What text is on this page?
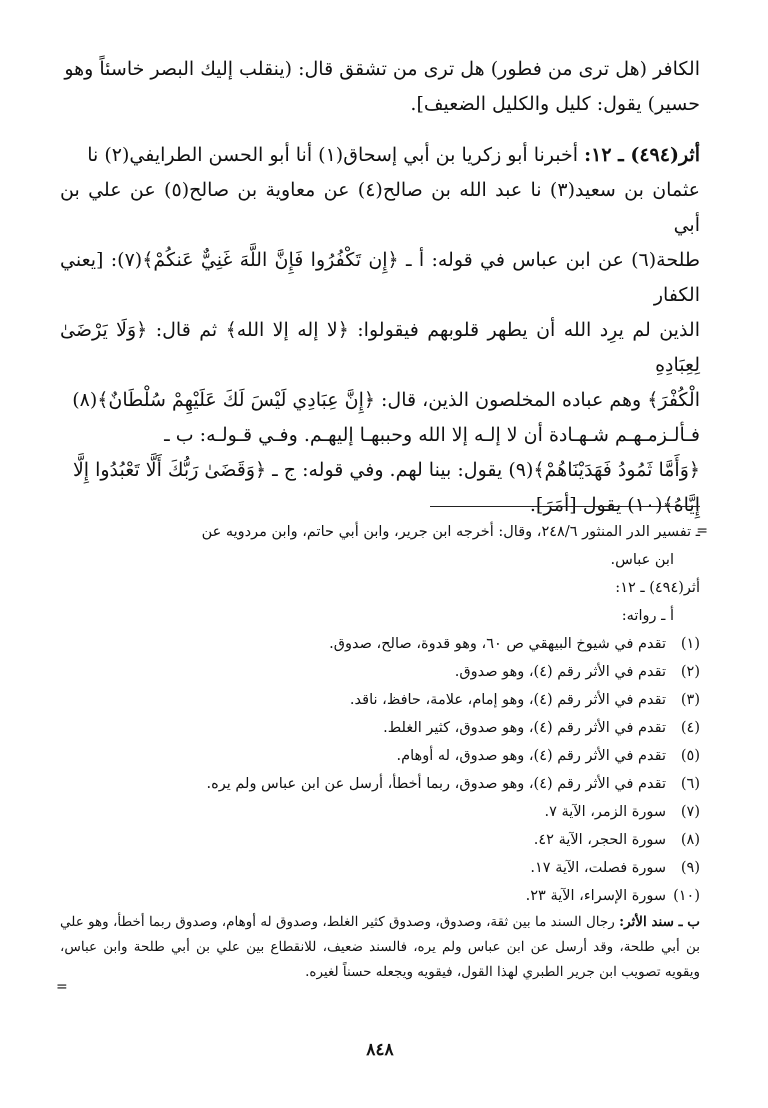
الكافر (هل ترى من فطور) هل ترى من تشقق قال: (ينقلب إليك البصر خاسئاً وهو

حسير) يقول: كليل والكليل الضعيف].

أثر(٤٩٤) ـ ١٢: أخبرنا أبو زكريا بن أبي إسحاق(١) أنا أبو الحسن الطرايفي(٢) نا

عثمان بن سعيد(٣) نا عبد الله بن صالح(٤) عن معاوية بن صالح(٥) عن علي بن أبي

طلحة(٦) عن ابن عباس في قوله: أ ـ ﴿إِن تَكْفُرُوا فَإِنَّ اللَّهَ غَنِيٌّ عَنكُمْ﴾(٧): [يعني الكفار

الذين لم يرِد الله أن يطهر قلوبهم فيقولوا: ﴿لا إله إلا الله﴾ ثم قال: ﴿وَلَا يَرْضَىٰ لِعِبَادِهِ

الْكُفْرَ﴾ وهم عباده المخلصون الذين، قال: ﴿إِنَّ عِبَادِي لَيْسَ لَكَ عَلَيْهِمْ سُلْطَانٌ﴾(٨)

فـألـزمـهـم شـهـادة أن لا إلـه إلا الله وحببهـا إليهـم. وفـي قـولـه: ب ـ

﴿وَأَمَّا ثَمُودُ فَهَدَيْنَاهُمْ﴾(٩) يقول: بينا لهم. وفي قوله: ج ـ ﴿وَقَضَىٰ رَبُّكَ أَلَّا تَعْبُدُوا إِلَّا

إِيَّاهُ﴾(١٠) يقول [أمَرَ].

=

ـ تفسير الدر المنثور ٢٤٨/٦، وقال: أخرجه ابن جرير، وابن أبي حاتم، وابن مردويه عن

ابن عباس.

أثر(٤٩٤) ـ ١٢:

أ ـ رواته:

(١)
تقدم في شيوخ البيهقي ص ٦٠، وهو قدوة، صالح، صدوق.
(٢)
تقدم في الأثر رقم (٤)، وهو صدوق.
(٣)
تقدم في الأثر رقم (٤)، وهو إمام، علامة، حافظ، ناقد.
(٤)
تقدم في الأثر رقم (٤)، وهو صدوق، كثير الغلط.
(٥)
تقدم في الأثر رقم (٤)، وهو صدوق، له أوهام.
(٦)
تقدم في الأثر رقم (٤)، وهو صدوق، ربما أخطأ، أرسل عن ابن عباس ولم يره.
(٧)
سورة الزمر، الآية ٧.
(٨)
سورة الحجر، الآية ٤٢.
(٩)
سورة فصلت، الآية ١٧.
(١٠)
سورة الإسراء، الآية ٢٣.

ب ـ سند الأثر: رجال السند ما بين ثقة، وصدوق، وصدوق كثير الغلط، وصدوق له أوهام، وصدوق ربما أخطأ، وهو علي بن أبي طلحة، وقد أرسل عن ابن عباس ولم يره، فالسند ضعيف، للانقطاع بين علي بن أبي طلحة وابن عباس، ويقويه تصويب ابن جرير الطبري لهذا القول، فيقويه ويجعله حسناً لغيره.

=
٨٤٨
